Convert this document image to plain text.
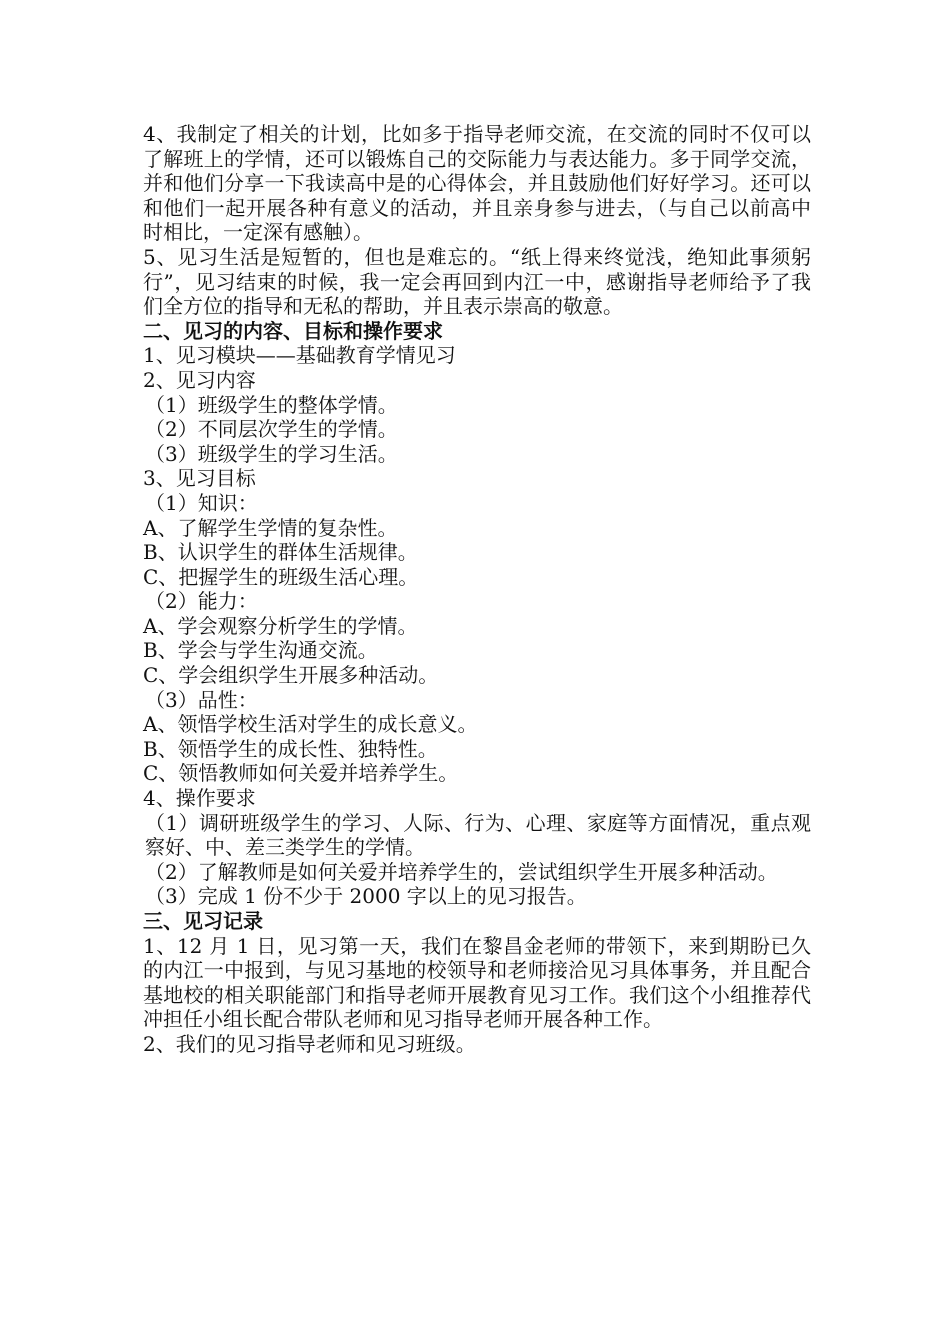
4、我制定了相关的计划，比如多于指导老师交流，在交流的同时不仅可以了解班上的学情，还可以锻炼自己的交际能力与表达能力。多于同学交流，并和他们分享一下我读高中是的心得体会，并且鼓励他们好好学习。还可以和他们一起开展各种有意义的活动，并且亲身参与进去，（与自己以前高中时相比，一定深有感触）。

5、见习生活是短暂的，但也是难忘的。“纸上得来终觉浅，绝知此事须躬行”，见习结束的时候，我一定会再回到内江一中，感谢指导老师给予了我们全方位的指导和无私的帮助，并且表示崇高的敬意。

二、见习的内容、目标和操作要求

1、见习模块——基础教育学情见习

2、见习内容

（1）班级学生的整体学情。

（2）不同层次学生的学情。

（3）班级学生的学习生活。

3、见习目标

（1）知识：

A、了解学生学情的复杂性。

B、认识学生的群体生活规律。

C、把握学生的班级生活心理。

（2）能力：

A、学会观察分析学生的学情。

B、学会与学生沟通交流。

C、学会组织学生开展多种活动。

（3）品性：

A、领悟学校生活对学生的成长意义。

B、领悟学生的成长性、独特性。

C、领悟教师如何关爱并培养学生。

4、操作要求

（1）调研班级学生的学习、人际、行为、心理、家庭等方面情况，重点观察好、中、差三类学生的学情。

（2）了解教师是如何关爱并培养学生的，尝试组织学生开展多种活动。

（3）完成 1 份不少于 2000 字以上的见习报告。

三、见习记录

1、12 月 1 日，见习第一天，我们在黎昌金老师的带领下，来到期盼已久的内江一中报到，与见习基地的校领导和老师接洽见习具体事务，并且配合基地校的相关职能部门和指导老师开展教育见习工作。我们这个小组推荐代冲担任小组长配合带队老师和见习指导老师开展各种工作。

2、我们的见习指导老师和见习班级。
